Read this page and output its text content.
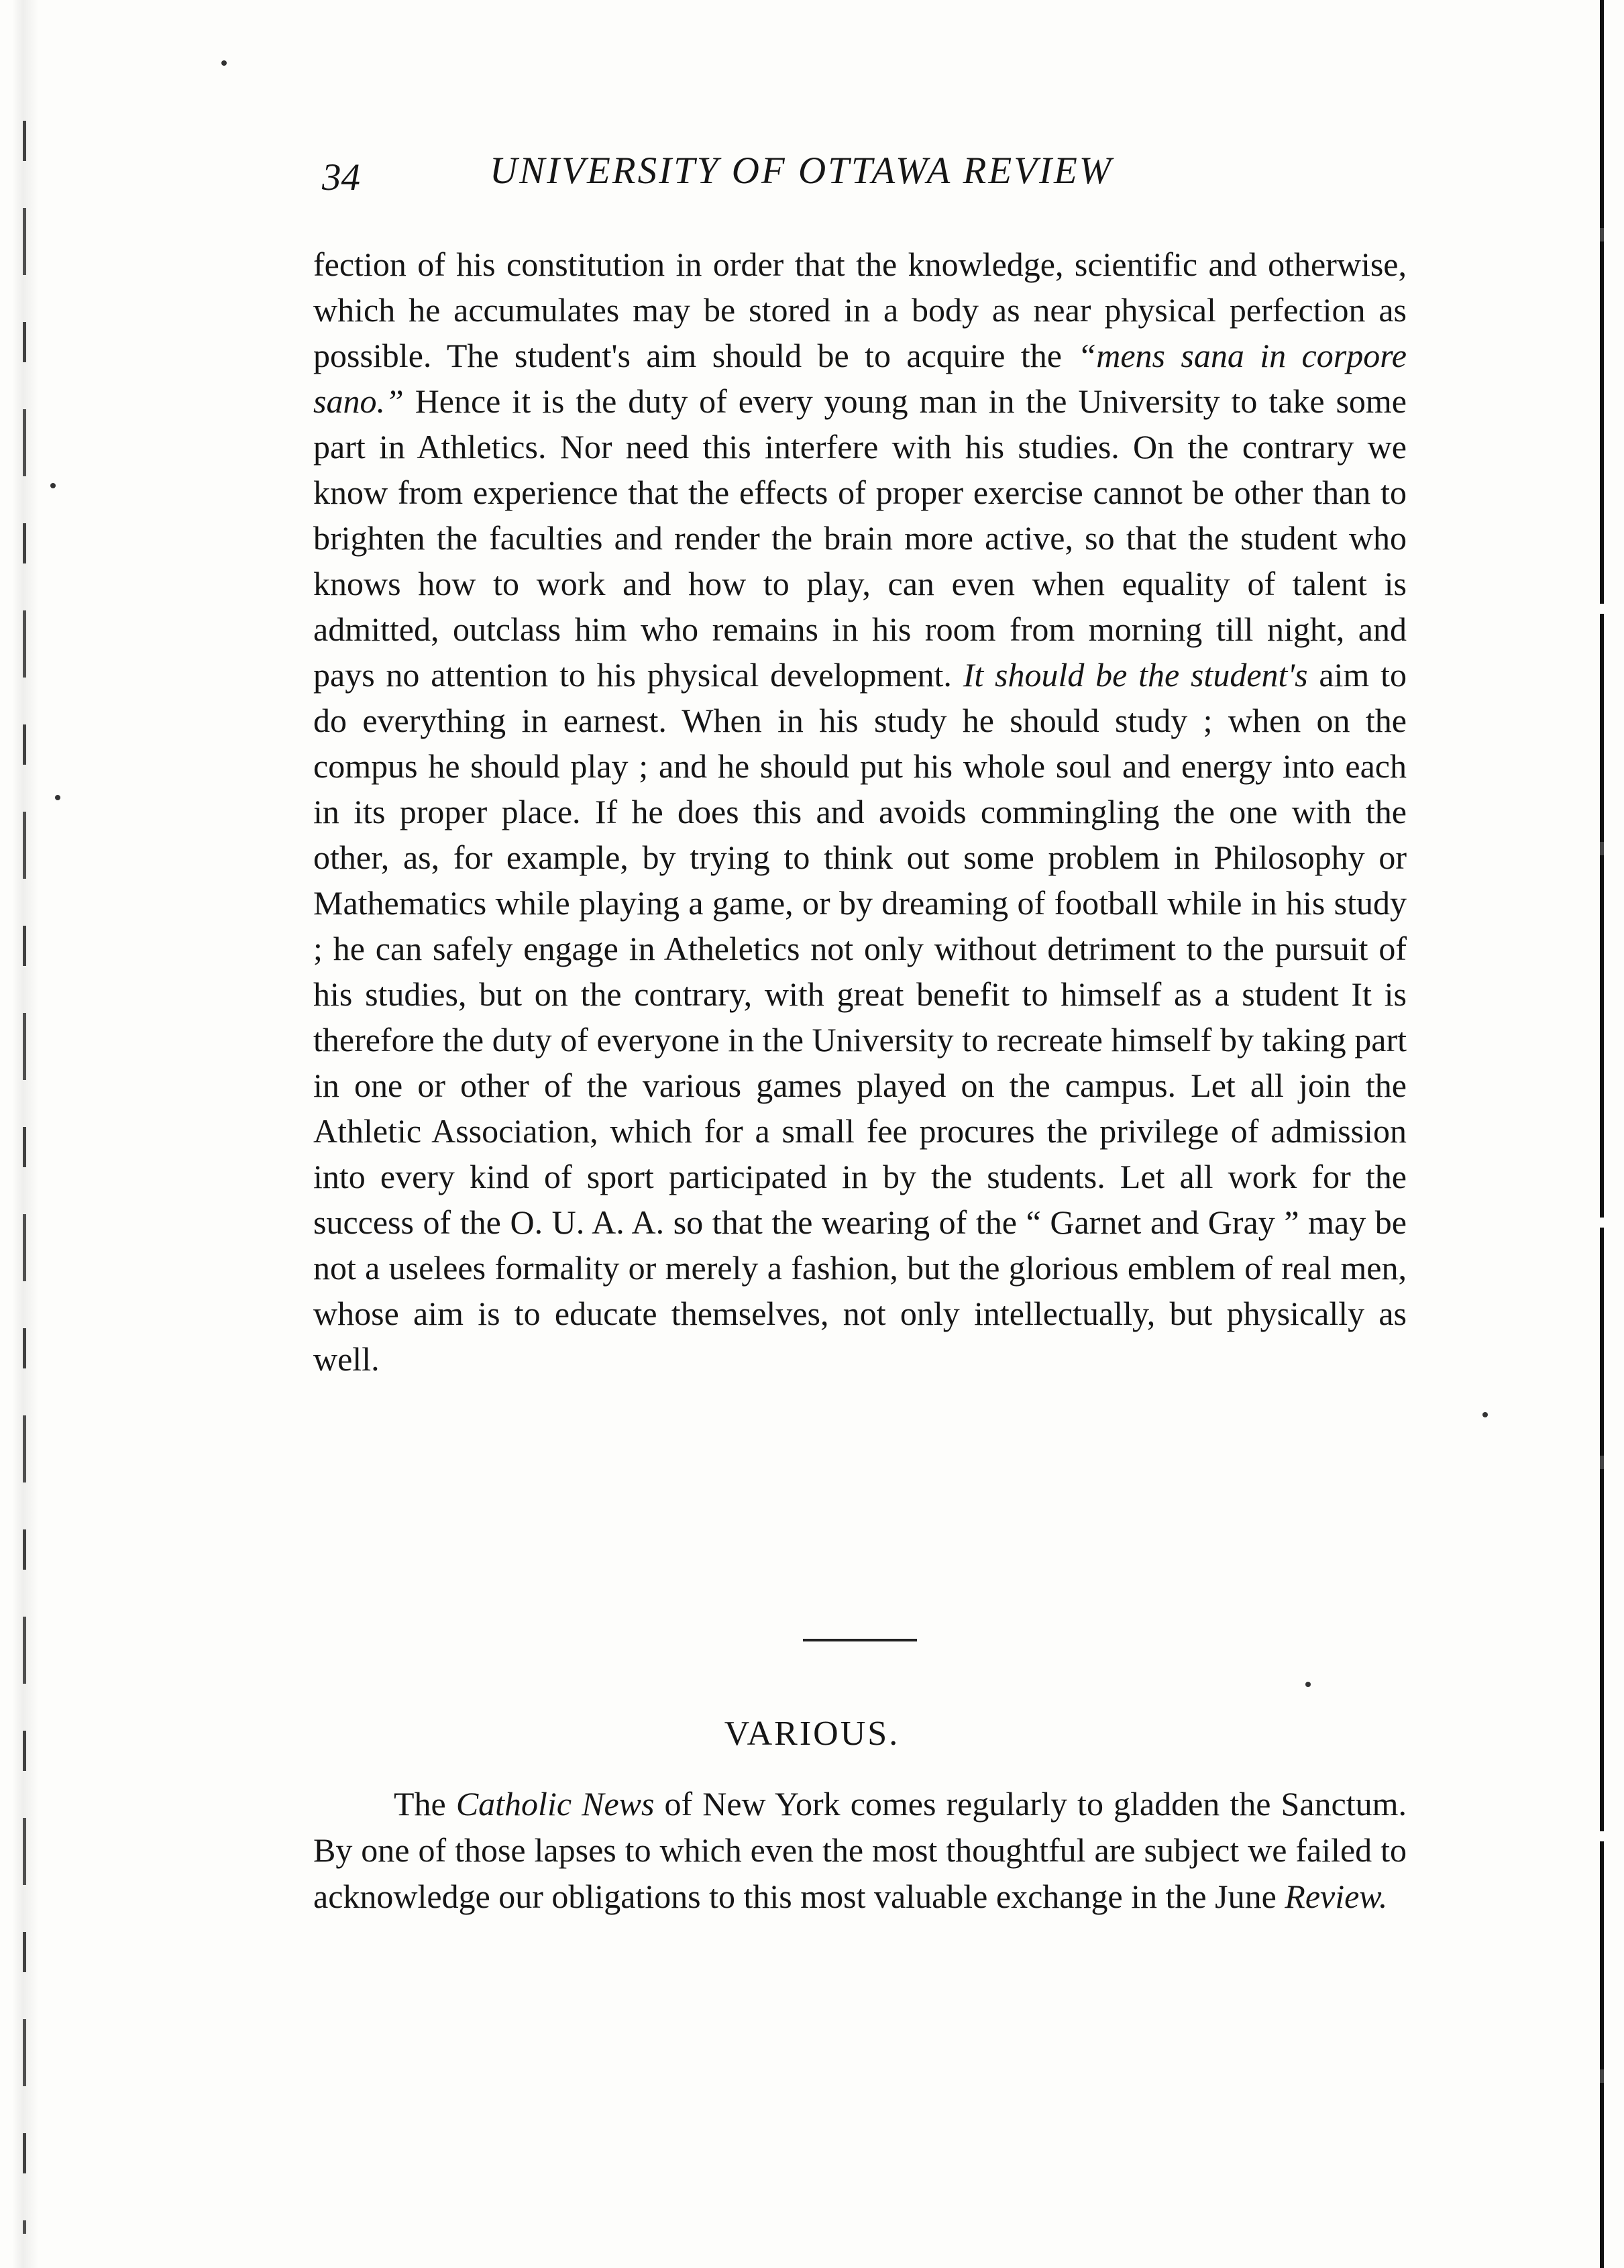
34	UNIVERSITY OF OTTAWA REVIEW

fection of his constitution in order that the knowledge, scientific and otherwise, which he accumulates may be stored in a body as near physical perfection as possible. The student's aim should be to acquire the “mens sana in corpore sano.” Hence it is the duty of every young man in the University to take some part in Athletics. Nor need this interfere with his studies. On the contrary we know from experience that the effects of proper exercise cannot be other than to brighten the faculties and render the brain more active, so that the student who knows how to work and how to play, can even when equality of talent is admitted, outclass him who remains in his room from morning till night, and pays no attention to his physical development. It should be the student's aim to do everything in earnest. When in his study he should study ; when on the compus he should play ; and he should put his whole soul and energy into each in its proper place. If he does this and avoids commingling the one with the other, as, for example, by trying to think out some problem in Philosophy or Mathematics while playing a game, or by dreaming of football while in his study ; he can safely engage in Atheletics not only without detriment to the pursuit of his studies, but on the contrary, with great benefit to himself as a student It is therefore the duty of everyone in the University to recreate himself by taking part in one or other of the various games played on the campus. Let all join the Athletic Association, which for a small fee procures the privilege of admission into every kind of sport participated in by the students. Let all work for the success of the O. U. A. A. so that the wearing of the “ Garnet and Gray ” may be not a uselees formality or merely a fashion, but the glorious emblem of real men, whose aim is to educate themselves, not only intellectually, but physically as well.

VARIOUS.

The Catholic News of New York comes regularly to gladden the Sanctum. By one of those lapses to which even the most thoughtful are subject we failed to acknowledge our obligations to this most valuable exchange in the June Review.
